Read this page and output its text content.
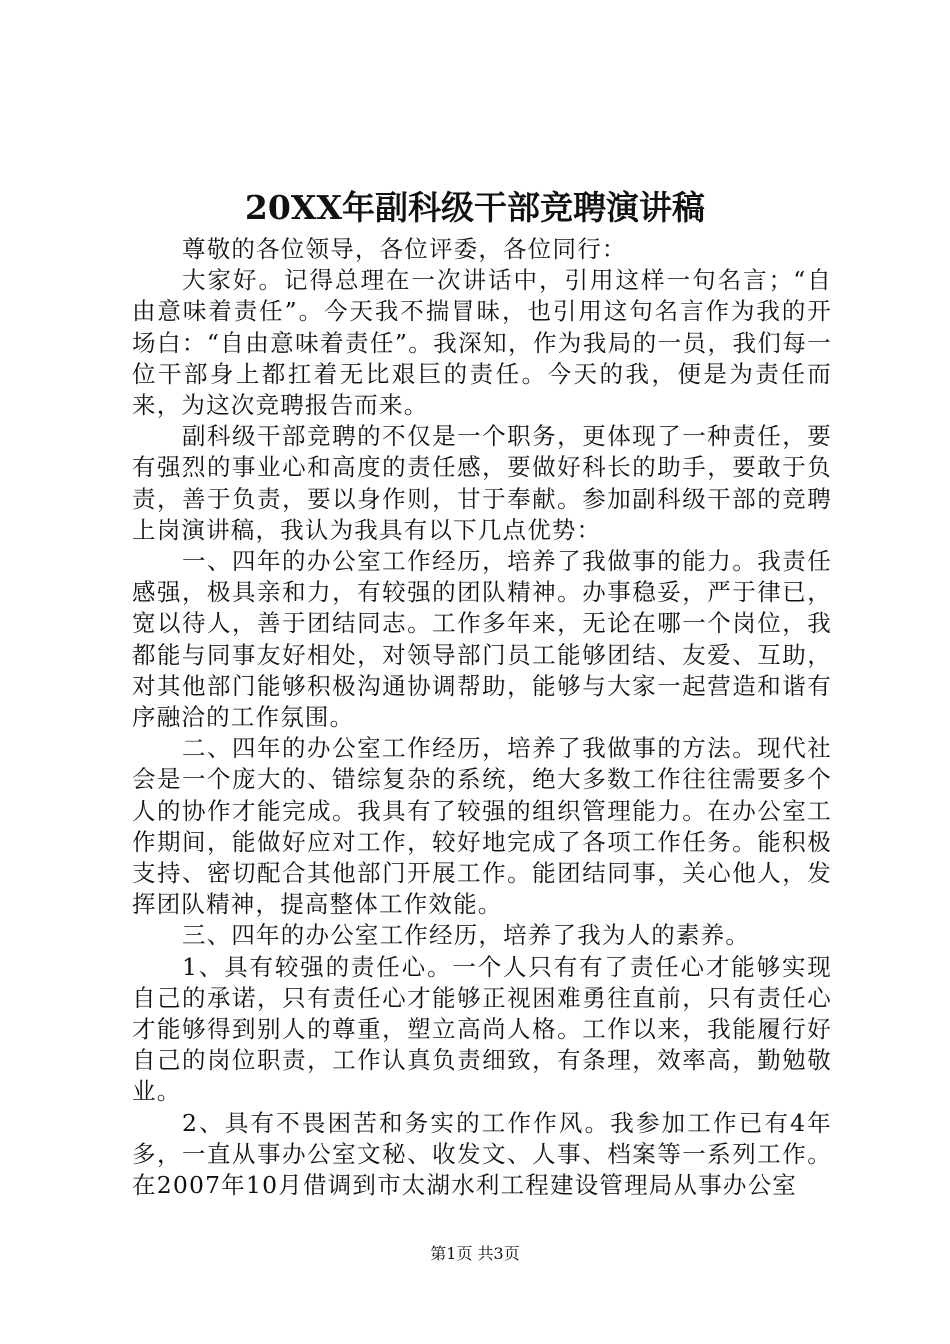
20XX年副科级干部竞聘演讲稿

尊敬的各位领导，各位评委，各位同行：

大家好。记得总理在一次讲话中，引用这样一句名言；“自由意味着责任”。今天我不揣冒昧，也引用这句名言作为我的开场白：“自由意味着责任”。我深知，作为我局的一员，我们每一位干部身上都扛着无比艰巨的责任。今天的我，便是为责任而来，为这次竞聘报告而来。

副科级干部竞聘的不仅是一个职务，更体现了一种责任，要有强烈的事业心和高度的责任感，要做好科长的助手，要敢于负责，善于负责，要以身作则，甘于奉献。参加副科级干部的竞聘上岗演讲稿，我认为我具有以下几点优势：

一、四年的办公室工作经历，培养了我做事的能力。我责任感强，极具亲和力，有较强的团队精神。办事稳妥，严于律已，宽以待人，善于团结同志。工作多年来，无论在哪一个岗位，我都能与同事友好相处，对领导部门员工能够团结、友爱、互助，对其他部门能够积极沟通协调帮助，能够与大家一起营造和谐有序融洽的工作氛围。

二、四年的办公室工作经历，培养了我做事的方法。现代社会是一个庞大的、错综复杂的系统，绝大多数工作往往需要多个人的协作才能完成。我具有了较强的组织管理能力。在办公室工作期间，能做好应对工作，较好地完成了各项工作任务。能积极支持、密切配合其他部门开展工作。能团结同事，关心他人，发挥团队精神，提高整体工作效能。

三、四年的办公室工作经历，培养了我为人的素养。

1、具有较强的责任心。一个人只有有了责任心才能够实现自己的承诺，只有责任心才能够正视困难勇往直前，只有责任心才能够得到别人的尊重，塑立高尚人格。工作以来，我能履行好自己的岗位职责，工作认真负责细致，有条理，效率高，勤勉敬业。

2、具有不畏困苦和务实的工作作风。我参加工作已有4年多，一直从事办公室文秘、收发文、人事、档案等一系列工作。在2007年10月借调到市太湖水利工程建设管理局从事办公室

第1页 共3页
